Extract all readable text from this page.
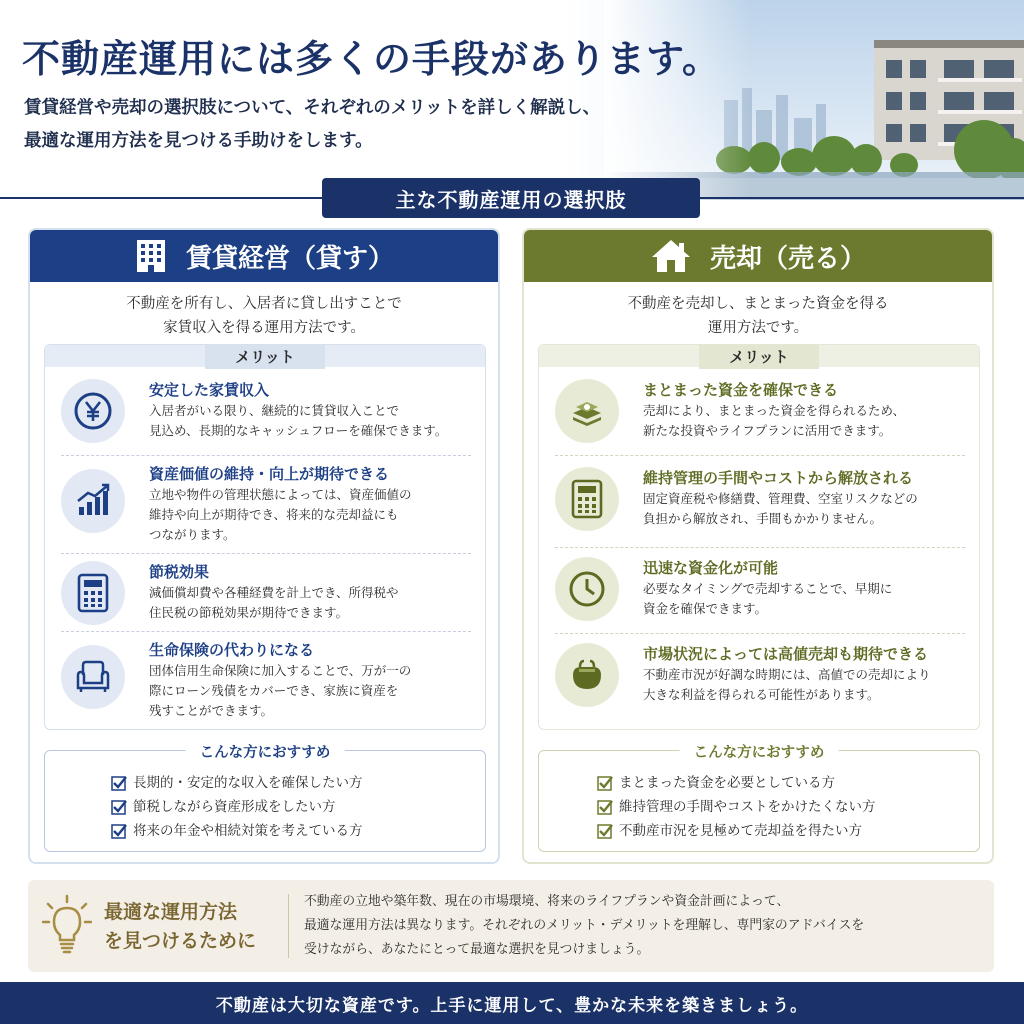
不動産運用には多くの手段があります。
賃貸経営や売却の選択肢について、それぞれのメリットを詳しく解説し、
最適な運用方法を見つける手助けをします。
主な不動産運用の選択肢
賃貸経営（貸す）
不動産を所有し、入居者に貸し出すことで
家賃収入を得る運用方法です。
メリット
安定した家賃収入
入居者がいる限り、継続的に賃貸収入ことで
見込め、長期的なキャッシュフローを確保できます。
資産価値の維持・向上が期待できる
立地や物件の管理状態によっては、資産価値の
維持や向上が期待でき、将来的な売却益にも
つながります。
節税効果
減価償却費や各種経費を計上でき、所得税や
住民税の節税効果が期待できます。
生命保険の代わりになる
団体信用生命保険に加入することで、万が一の
際にローン残債をカバーでき、家族に資産を
残すことができます。
こんな方におすすめ
長期的・安定的な収入を確保したい方
節税しながら資産形成をしたい方
将来の年金や相続対策を考えている方
売却（売る）
不動産を売却し、まとまった資金を得る
運用方法です。
メリット
まとまった資金を確保できる
売却により、まとまった資金を得られるため、
新たな投資やライフプランに活用できます。
維持管理の手間やコストから解放される
固定資産税や修繕費、管理費、空室リスクなどの
負担から解放され、手間もかかりません。
迅速な資金化が可能
必要なタイミングで売却することで、早期に
資金を確保できます。
市場状況によっては高値売却も期待できる
不動産市況が好調な時期には、高値での売却により
大きな利益を得られる可能性があります。
こんな方におすすめ
まとまった資金を必要としている方
維持管理の手間やコストをかけたくない方
不動産市況を見極めて売却益を得たい方
最適な運用方法
を見つけるために
不動産の立地や築年数、現在の市場環境、将来のライフプランや資金計画によって、
最適な運用方法は異なります。それぞれのメリット・デメリットを理解し、専門家のアドバイスを
受けながら、あなたにとって最適な選択を見つけましょう。
不動産は大切な資産です。上手に運用して、豊かな未来を築きましょう。
